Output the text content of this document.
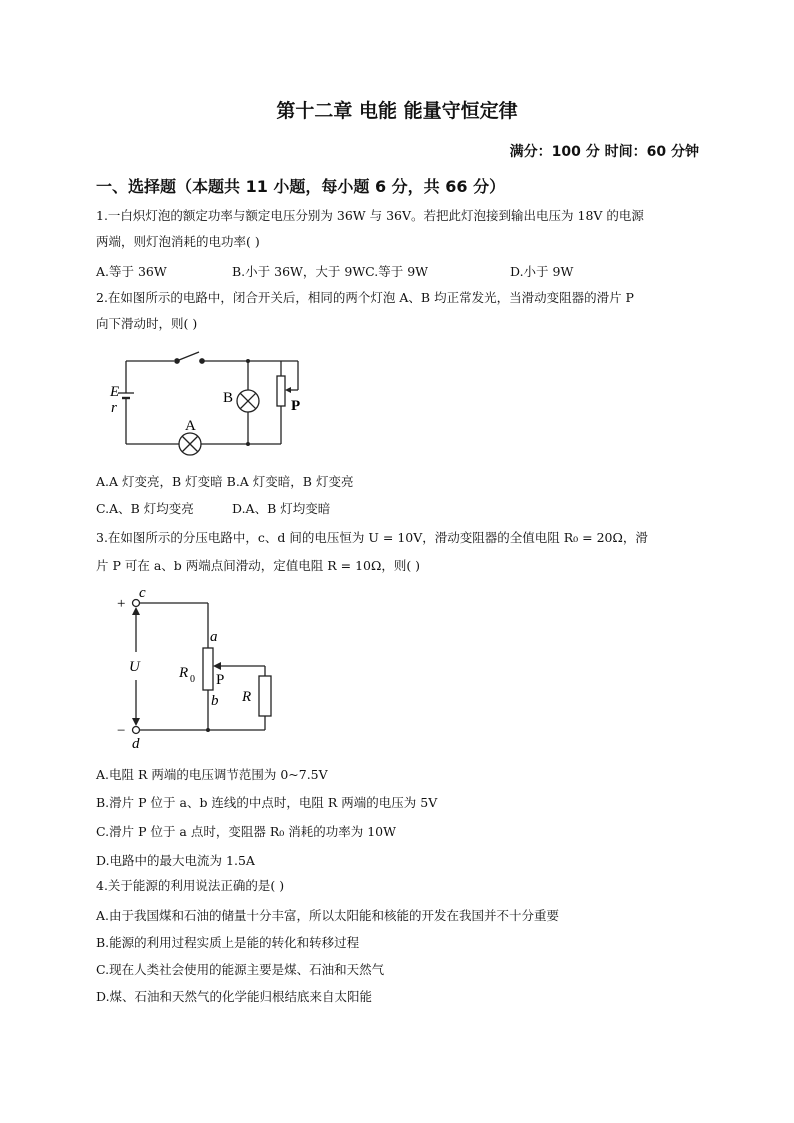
第十二章 电能 能量守恒定律
满分：100 分 时间：60 分钟
一、选择题（本题共 11 小题，每小题 6 分，共 66 分）
1.一白炽灯泡的额定功率与额定电压分别为 36W 与 36V。若把此灯泡接到输出电压为 18V 的电源
两端，则灯泡消耗的电功率( )
A.等于 36W	B.小于 36W，大于 9WC.等于 9W	D.小于 9W
2.在如图所示的电路中，闭合开关后，相同的两个灯泡 A、B 均正常发光，当滑动变阻器的滑片 P
向下滑动时，则( )
E
r
A
B	P
A.A 灯变亮，B 灯变暗 B.A 灯变暗，B 灯变亮
C.A、B 灯均变亮	D.A、B 灯均变暗
3.在如图所示的分压电路中，c、d 间的电压恒为 U = 10V，滑动变阻器的全值电阻 R₀ = 20Ω，滑
片 P 可在 a、b 两端点间滑动，定值电阻 R = 10Ω，则( )
+
c
U
−
d
a
R 0 P
b R
A.电阻 R 两端的电压调节范围为 0~7.5V
B.滑片 P 位于 a、b 连线的中点时，电阻 R 两端的电压为 5V
C.滑片 P 位于 a 点时，变阻器 R₀ 消耗的功率为 10W
D.电路中的最大电流为 1.5A
4.关于能源的利用说法正确的是( )
A.由于我国煤和石油的储量十分丰富，所以太阳能和核能的开发在我国并不十分重要
B.能源的利用过程实质上是能的转化和转移过程
C.现在人类社会使用的能源主要是煤、石油和天然气
D.煤、石油和天然气的化学能归根结底来自太阳能
